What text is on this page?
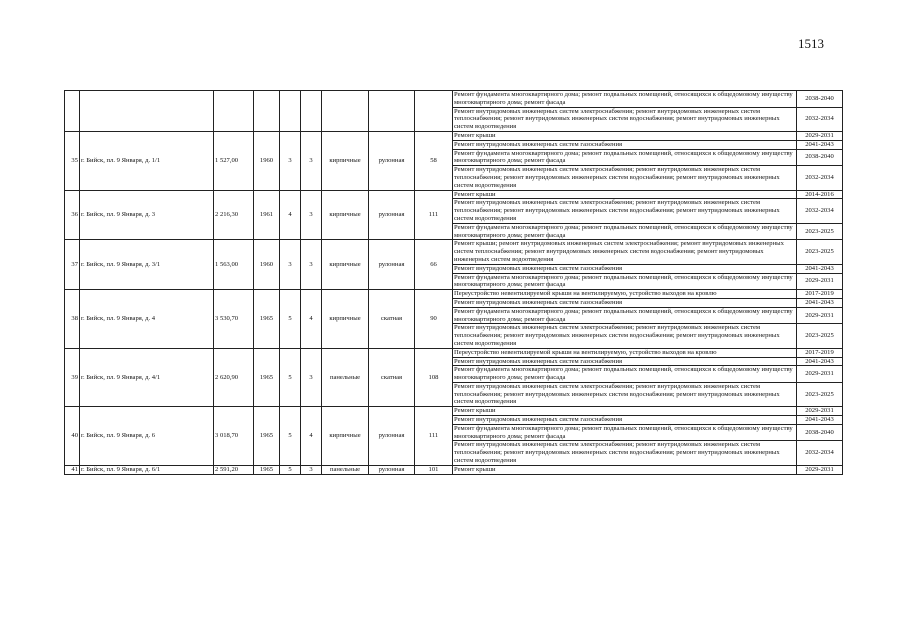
1513
									Ремонт фундамента многоквартирного дома; ремонт подвальных помещений, относящихся к общедомовому имуществу многоквартирного дома; ремонт фасада	2038-2040
									Ремонт внутридомовых инженерных систем электроснабжения; ремонт внутридомовых инженерных систем теплоснабжения; ремонт внутридомовых инженерных систем водоснабжения; ремонт внутридомовых инженерных систем водоотведения	2032-2034
35	г. Бийск, пл. 9 Января, д. 1/1	1 527,00	1960	3	3	кирпичные	рулонная	58	Ремонт крыши	2029-2031
									Ремонт внутридомовых инженерных систем газоснабжения	2041-2043
									Ремонт фундамента многоквартирного дома; ремонт подвальных помещений, относящихся к общедомовому имуществу многоквартирного дома; ремонт фасада	2038-2040
									Ремонт внутридомовых инженерных систем электроснабжения; ремонт внутридомовых инженерных систем теплоснабжения; ремонт внутридомовых инженерных систем водоснабжения; ремонт внутридомовых инженерных систем водоотведения	2032-2034
36	г. Бийск, пл. 9 Января, д. 3	2 216,30	1961	4	3	кирпичные	рулонная	111	Ремонт крыши	2014-2016
									Ремонт внутридомовых инженерных систем электроснабжения; ремонт внутридомовых инженерных систем теплоснабжения; ремонт внутридомовых инженерных систем водоснабжения; ремонт внутридомовых инженерных систем водоотведения	2032-2034
									Ремонт фундамента многоквартирного дома; ремонт подвальных помещений, относящихся к общедомовому имуществу многоквартирного дома; ремонт фасада	2023-2025
37	г. Бийск, пл. 9 Января, д. 3/1	1 563,00	1960	3	3	кирпичные	рулонная	66	Ремонт крыши; ремонт внутридомовых инженерных систем электроснабжения; ремонт внутридомовых инженерных систем теплоснабжения; ремонт внутридомовых инженерных систем водоснабжения; ремонт внутридомовых инженерных систем водоотведения	2023-2025
									Ремонт внутридомовых инженерных систем газоснабжения	2041-2043
									Ремонт фундамента многоквартирного дома; ремонт подвальных помещений, относящихся к общедомовому имуществу многоквартирного дома; ремонт фасада	2029-2031
38	г. Бийск, пл. 9 Января, д. 4	3 530,70	1965	5	4	кирпичные	скатная	90	Переустройство невентилируемой крыши на вентилируемую, устройство выходов на кровлю	2017-2019
									Ремонт внутридомовых инженерных систем газоснабжения	2041-2043
									Ремонт фундамента многоквартирного дома; ремонт подвальных помещений, относящихся к общедомовому имуществу многоквартирного дома; ремонт фасада	2029-2031
									Ремонт внутридомовых инженерных систем электроснабжения; ремонт внутридомовых инженерных систем теплоснабжения; ремонт внутридомовых инженерных систем водоснабжения; ремонт внутридомовых инженерных систем водоотведения	2023-2025
39	г. Бийск, пл. 9 Января, д. 4/1	2 620,90	1965	5	3	панельные	скатная	108	Переустройство невентилируемой крыши на вентилируемую, устройство выходов на кровлю	2017-2019
									Ремонт внутридомовых инженерных систем газоснабжения	2041-2043
									Ремонт фундамента многоквартирного дома; ремонт подвальных помещений, относящихся к общедомовому имуществу многоквартирного дома; ремонт фасада	2029-2031
									Ремонт внутридомовых инженерных систем электроснабжения; ремонт внутридомовых инженерных систем теплоснабжения; ремонт внутридомовых инженерных систем водоснабжения; ремонт внутридомовых инженерных систем водоотведения	2023-2025
40	г. Бийск, пл. 9 Января, д. 6	3 018,70	1965	5	4	кирпичные	рулонная	111	Ремонт крыши	2029-2031
									Ремонт внутридомовых инженерных систем газоснабжения	2041-2043
									Ремонт фундамента многоквартирного дома; ремонт подвальных помещений, относящихся к общедомовому имуществу многоквартирного дома; ремонт фасада	2038-2040
									Ремонт внутридомовых инженерных систем электроснабжения; ремонт внутридомовых инженерных систем теплоснабжения; ремонт внутридомовых инженерных систем водоснабжения; ремонт внутридомовых инженерных систем водоотведения	2032-2034
41	г. Бийск, пл. 9 Января, д. 6/1	2 591,20	1965	5	3	панельные	рулонная	101	Ремонт крыши	2029-2031
